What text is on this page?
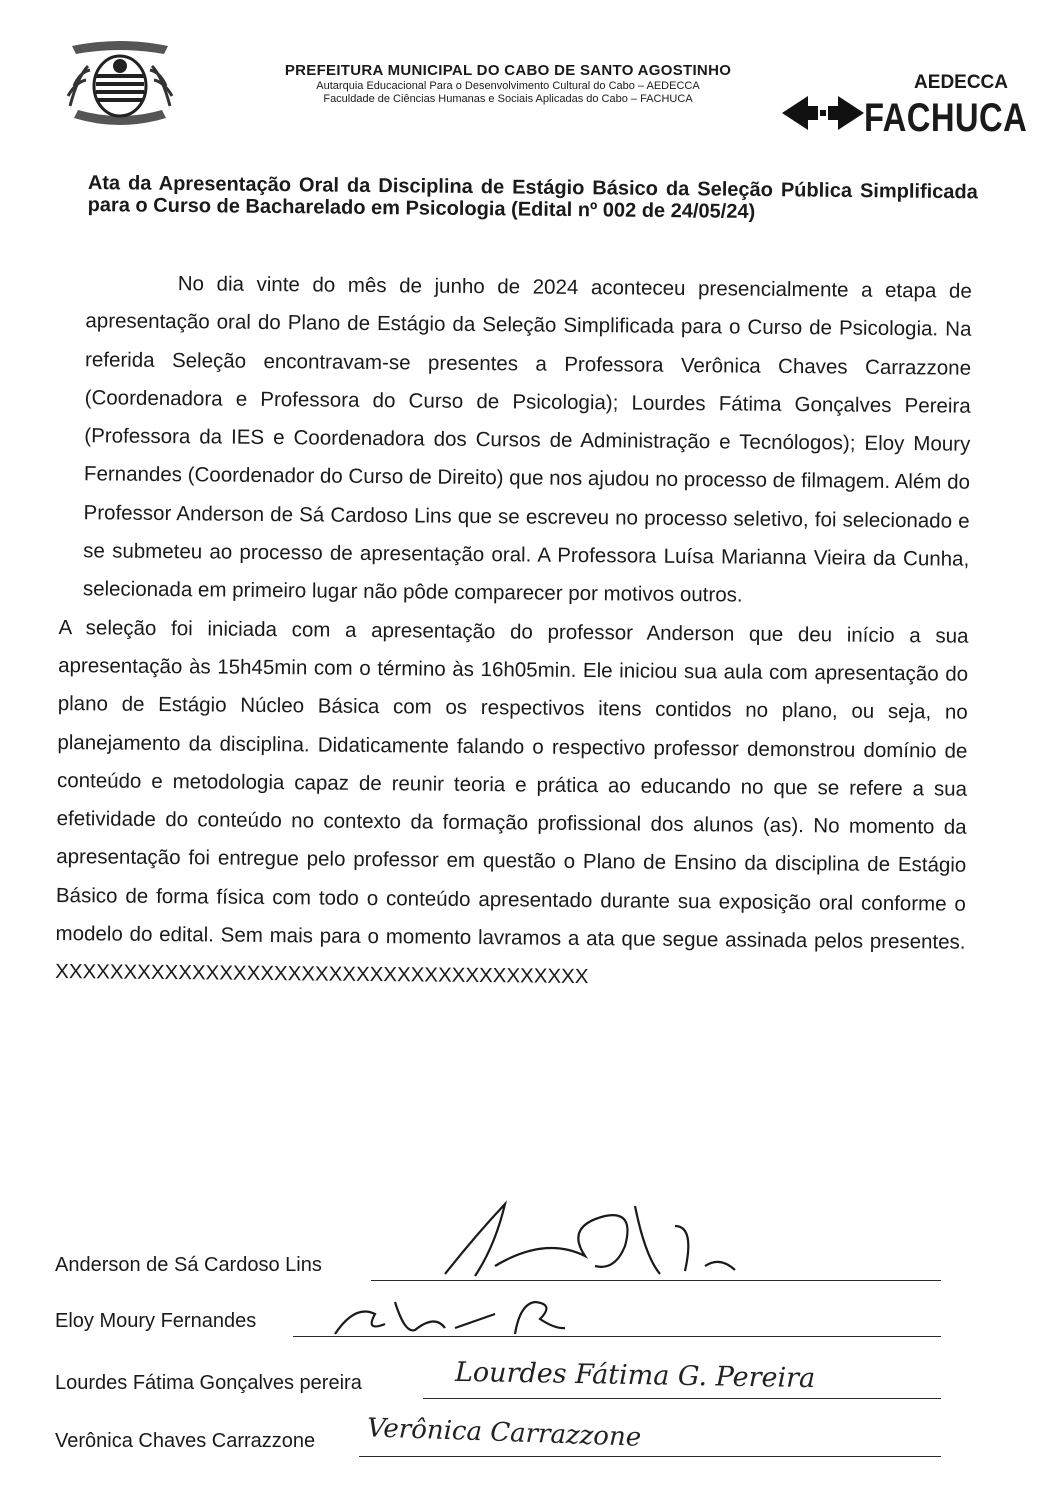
PREFEITURA MUNICIPAL DO CABO DE SANTO AGOSTINHO
Autarquia Educacional Para o Desenvolvimento Cultural do Cabo – AEDECCA
Faculdade de Ciências Humanas e Sociais Aplicadas do Cabo – FACHUCA
AEDECCA
FACHUCA
Ata da Apresentação Oral da Disciplina de Estágio Básico da Seleção Pública Simplificada para o Curso de Bacharelado em Psicologia (Edital nº 002 de 24/05/24)

No dia vinte do mês de junho de 2024 aconteceu presencialmente a etapa de apresentação oral do Plano de Estágio da Seleção Simplificada para o Curso de Psicologia. Na referida Seleção encontravam-se presentes a Professora Verônica Chaves Carrazzone (Coordenadora e Professora do Curso de Psicologia); Lourdes Fátima Gonçalves Pereira (Professora da IES e Coordenadora dos Cursos de Administração e Tecnólogos); Eloy Moury Fernandes (Coordenador do Curso de Direito) que nos ajudou no processo de filmagem. Além do Professor Anderson de Sá Cardoso Lins que se escreveu no processo seletivo, foi selecionado e se submeteu ao processo de apresentação oral. A Professora Luísa Marianna Vieira da Cunha, selecionada em primeiro lugar não pôde comparecer por motivos outros.

A seleção foi iniciada com a apresentação do professor Anderson que deu início a sua apresentação às 15h45min com o término às 16h05min. Ele iniciou sua aula com apresentação do plano de Estágio Núcleo Básica com os respectivos itens contidos no plano, ou seja, no planejamento da disciplina. Didaticamente falando o respectivo professor demonstrou domínio de conteúdo e metodologia capaz de reunir teoria e prática ao educando no que se refere a sua efetividade do conteúdo no contexto da formação profissional dos alunos (as). No momento da apresentação foi entregue pelo professor em questão o Plano de Ensino da disciplina de Estágio Básico de forma física com todo o conteúdo apresentado durante sua exposição oral conforme o modelo do edital. Sem mais para o momento lavramos a ata que segue assinada pelos presentes. XXXXXXXXXXXXXXXXXXXXXXXXXXXXXXXXXXXXXXX

Anderson de Sá Cardoso Lins
Eloy Moury Fernandes
Lourdes Fátima Gonçalves pereira	Lourdes Fátima G. Pereira
Verônica Chaves Carrazzone Verônica Carrazzone
